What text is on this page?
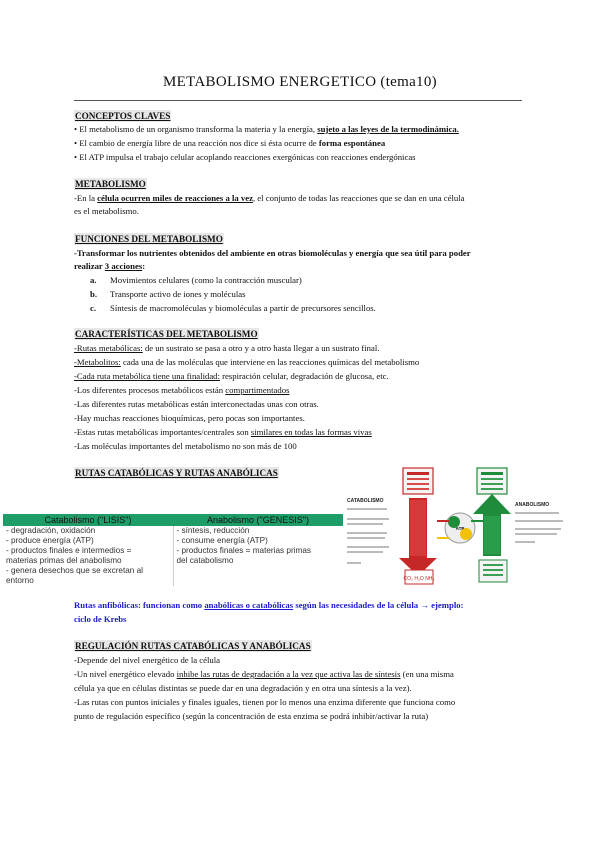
METABOLISMO ENERGETICO (tema10)
CONCEPTOS CLAVES
• El metabolismo de un organismo transforma la materia y la energía, sujeto a las leyes de la termodinámica.
• El cambio de energía libre de una reacción nos dice si ésta ocurre de forma espontánea
• El ATP impulsa el trabajo celular acoplando reacciones exergónicas con reacciones endergónicas
METABOLISMO
-En la célula ocurren miles de reacciones a la vez, el conjunto de todas las reacciones que se dan en una célula
es el metabolismo.
FUNCIONES DEL METABOLISMO
-Transformar los nutrientes obtenidos del ambiente en otras biomoléculas y energía que sea útil para poder
realizar 3 acciones:
a. Movimientos celulares (como la contracción muscular)
b. Transporte activo de iones y moléculas
c. Síntesis de macromoléculas y biomoléculas a partir de precursores sencillos.
CARACTERÍSTICAS DEL METABOLISMO
-Rutas metabólicas: de un sustrato se pasa a otro y a otro hasta llegar a un sustrato final.
-Metabolitos: cada una de las moléculas que interviene en las reacciones químicas del metabolismo
-Cada ruta metabólica tiene una finalidad: respiración celular, degradación de glucosa, etc.
-Los diferentes procesos metabólicos están compartimentados
-Las diferentes rutas metabólicas están interconectadas unas con otras.
-Hay muchas reacciones bioquímicas, pero pocas son importantes.
-Estas rutas metabólicas importantes/centrales son similares en todas las formas vivas
-Las moléculas importantes del metabolismo no son más de 100
RUTAS CATABÓLICAS Y RUTAS ANABÓLICAS
Catabolismo ("LISIS")	Anabolismo ("GENESIS")
- degradación, oxidación
- produce energía (ATP)
- productos finales e intermedios =
materias primas del anabolismo
- genera desechos que se excretan al
entorno
- síntesis, reducción
- consume energía (ATP)
- productos finales = materias primas
del catabolismo
CATABOLISMO
CO₂ H₂O NH₃
ATP
ANABOLISMO
Rutas anfibólicas: funcionan como anabólicas o catabólicas según las necesidades de la célula → ejemplo:
ciclo de Krebs
REGULACIÓN RUTAS CATABÓLICAS Y ANABÓLICAS
-Depende del nivel energético de la célula
-Un nivel energético elevado inhibe las rutas de degradación a la vez que activa las de síntesis (en una misma
célula ya que en células distintas se puede dar en una degradación y en otra una síntesis a la vez).
-Las rutas con puntos iniciales y finales iguales, tienen por lo menos una enzima diferente que funciona como
punto de regulación específico (según la concentración de esta enzima se podrá inhibir/activar la ruta)
